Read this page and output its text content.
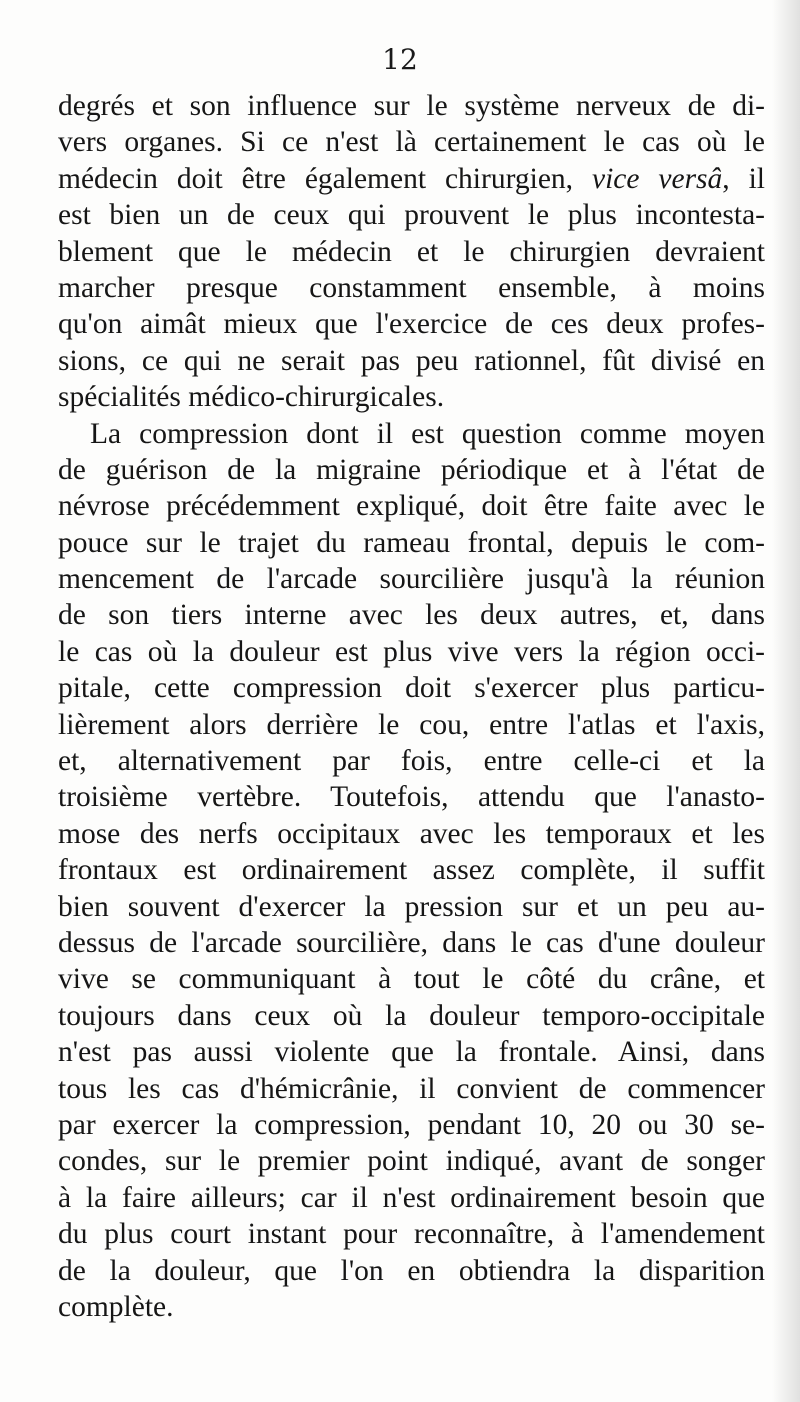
12
degrés et son influence sur le système nerveux de di-
vers organes. Si ce n'est là certainement le cas où le
médecin doit être également chirurgien, vice versâ, il
est bien un de ceux qui prouvent le plus incontesta-
blement que le médecin et le chirurgien devraient
marcher presque constamment ensemble, à moins
qu'on aimât mieux que l'exercice de ces deux profes-
sions, ce qui ne serait pas peu rationnel, fût divisé en
spécialités médico-chirurgicales.
La compression dont il est question comme moyen
de guérison de la migraine périodique et à l'état de
névrose précédemment expliqué, doit être faite avec le
pouce sur le trajet du rameau frontal, depuis le com-
mencement de l'arcade sourcilière jusqu'à la réunion
de son tiers interne avec les deux autres, et, dans
le cas où la douleur est plus vive vers la région occi-
pitale, cette compression doit s'exercer plus particu-
lièrement alors derrière le cou, entre l'atlas et l'axis,
et, alternativement par fois, entre celle-ci et la
troisième vertèbre. Toutefois, attendu que l'anasto-
mose des nerfs occipitaux avec les temporaux et les
frontaux est ordinairement assez complète, il suffit
bien souvent d'exercer la pression sur et un peu au-
dessus de l'arcade sourcilière, dans le cas d'une douleur
vive se communiquant à tout le côté du crâne, et
toujours dans ceux où la douleur temporo-occipitale
n'est pas aussi violente que la frontale. Ainsi, dans
tous les cas d'hémicrânie, il convient de commencer
par exercer la compression, pendant 10, 20 ou 30 se-
condes, sur le premier point indiqué, avant de songer
à la faire ailleurs; car il n'est ordinairement besoin que
du plus court instant pour reconnaître, à l'amendement
de la douleur, que l'on en obtiendra la disparition
complète.
